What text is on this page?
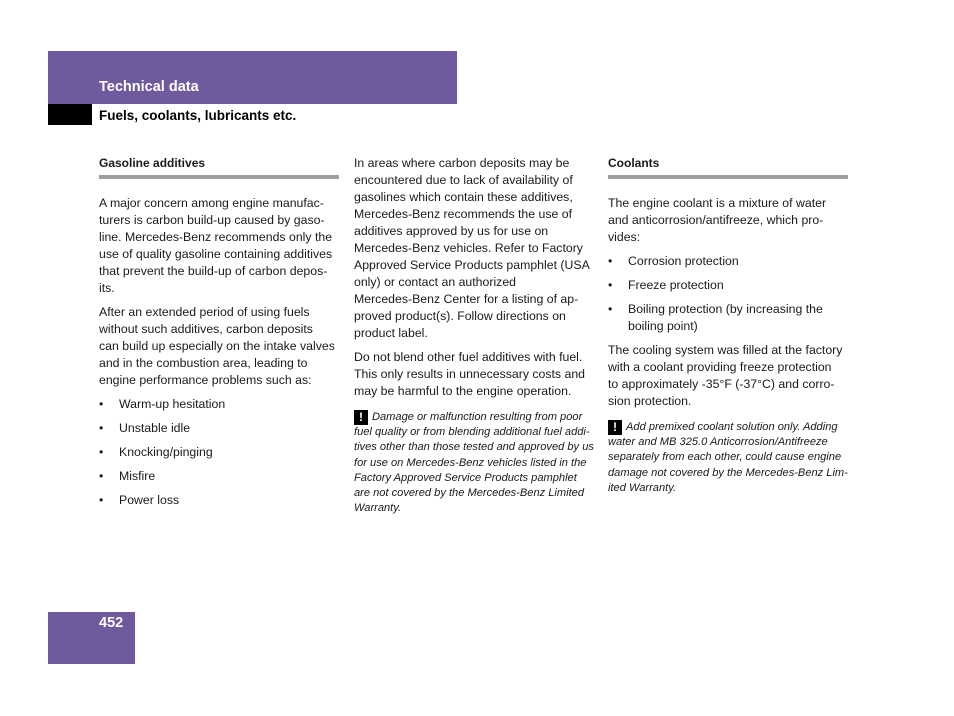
Technical data
Fuels, coolants, lubricants etc.
Gasoline additives

A major concern among engine manufac-
turers is carbon build-up caused by gaso-
line. Mercedes-Benz recommends only the
use of quality gasoline containing additives
that prevent the build-up of carbon depos-
its.

After an extended period of using fuels
without such additives, carbon deposits
can build up especially on the intake valves
and in the combustion area, leading to
engine performance problems such as:

• Warm-up hesitation
• Unstable idle
• Knocking/pinging
• Misfire
• Power loss

In areas where carbon deposits may be
encountered due to lack of availability of
gasolines which contain these additives,
Mercedes-Benz recommends the use of
additives approved by us for use on
Mercedes-Benz vehicles. Refer to Factory
Approved Service Products pamphlet (USA
only) or contact an authorized
Mercedes-Benz Center for a listing of ap-
proved product(s). Follow directions on
product label.

Do not blend other fuel additives with fuel.
This only results in unnecessary costs and
may be harmful to the engine operation.

! Damage or malfunction resulting from poor
fuel quality or from blending additional fuel addi-
tives other than those tested and approved by us
for use on Mercedes-Benz vehicles listed in the
Factory Approved Service Products pamphlet
are not covered by the Mercedes-Benz Limited
Warranty.
Coolants

The engine coolant is a mixture of water
and anticorrosion/antifreeze, which pro-
vides:

• Corrosion protection
• Freeze protection
• Boiling protection (by increasing the
boiling point)

The cooling system was filled at the factory
with a coolant providing freeze protection
to approximately -35°F (-37°C) and corro-
sion protection.

! Add premixed coolant solution only. Adding
water and MB 325.0 Anticorrosion/Antifreeze
separately from each other, could cause engine
damage not covered by the Mercedes-Benz Lim-
ited Warranty.
452
